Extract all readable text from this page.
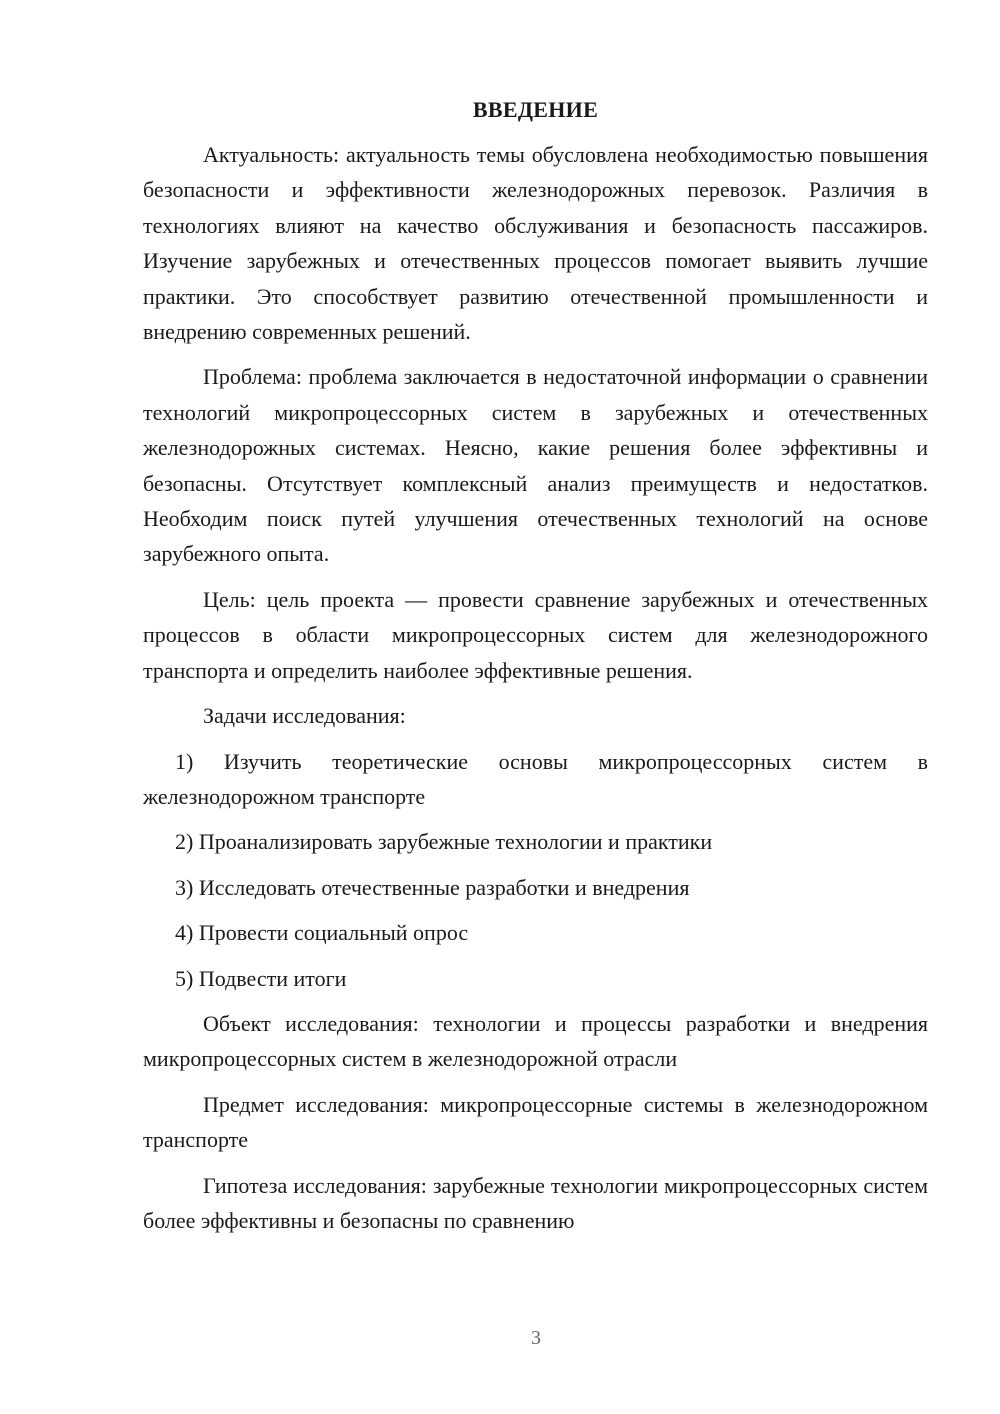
ВВЕДЕНИЕ

Актуальность: актуальность темы обусловлена необходимостью повышения безопасности и эффективности железнодорожных перевозок. Различия в технологиях влияют на качество обслуживания и безопасность пассажиров. Изучение зарубежных и отечественных процессов помогает выявить лучшие практики. Это способствует развитию отечественной промышленности и внедрению современных решений.

Проблема: проблема заключается в недостаточной информации о сравнении технологий микропроцессорных систем в зарубежных и отечественных железнодорожных системах. Неясно, какие решения более эффективны и безопасны. Отсутствует комплексный анализ преимуществ и недостатков. Необходим поиск путей улучшения отечественных технологий на основе зарубежного опыта.

Цель: цель проекта — провести сравнение зарубежных и отечественных процессов в области микропроцессорных систем для железнодорожного транспорта и определить наиболее эффективные решения.

Задачи исследования:

1) Изучить теоретические основы микропроцессорных систем в железнодорожном транспорте

2) Проанализировать зарубежные технологии и практики

3) Исследовать отечественные разработки и внедрения

4) Провести социальный опрос

5) Подвести итоги

Объект исследования: технологии и процессы разработки и внедрения микропроцессорных систем в железнодорожной отрасли

Предмет исследования: микропроцессорные системы в железнодорожном транспорте

Гипотеза исследования: зарубежные технологии микропроцессорных систем более эффективны и безопасны по сравнению

3
